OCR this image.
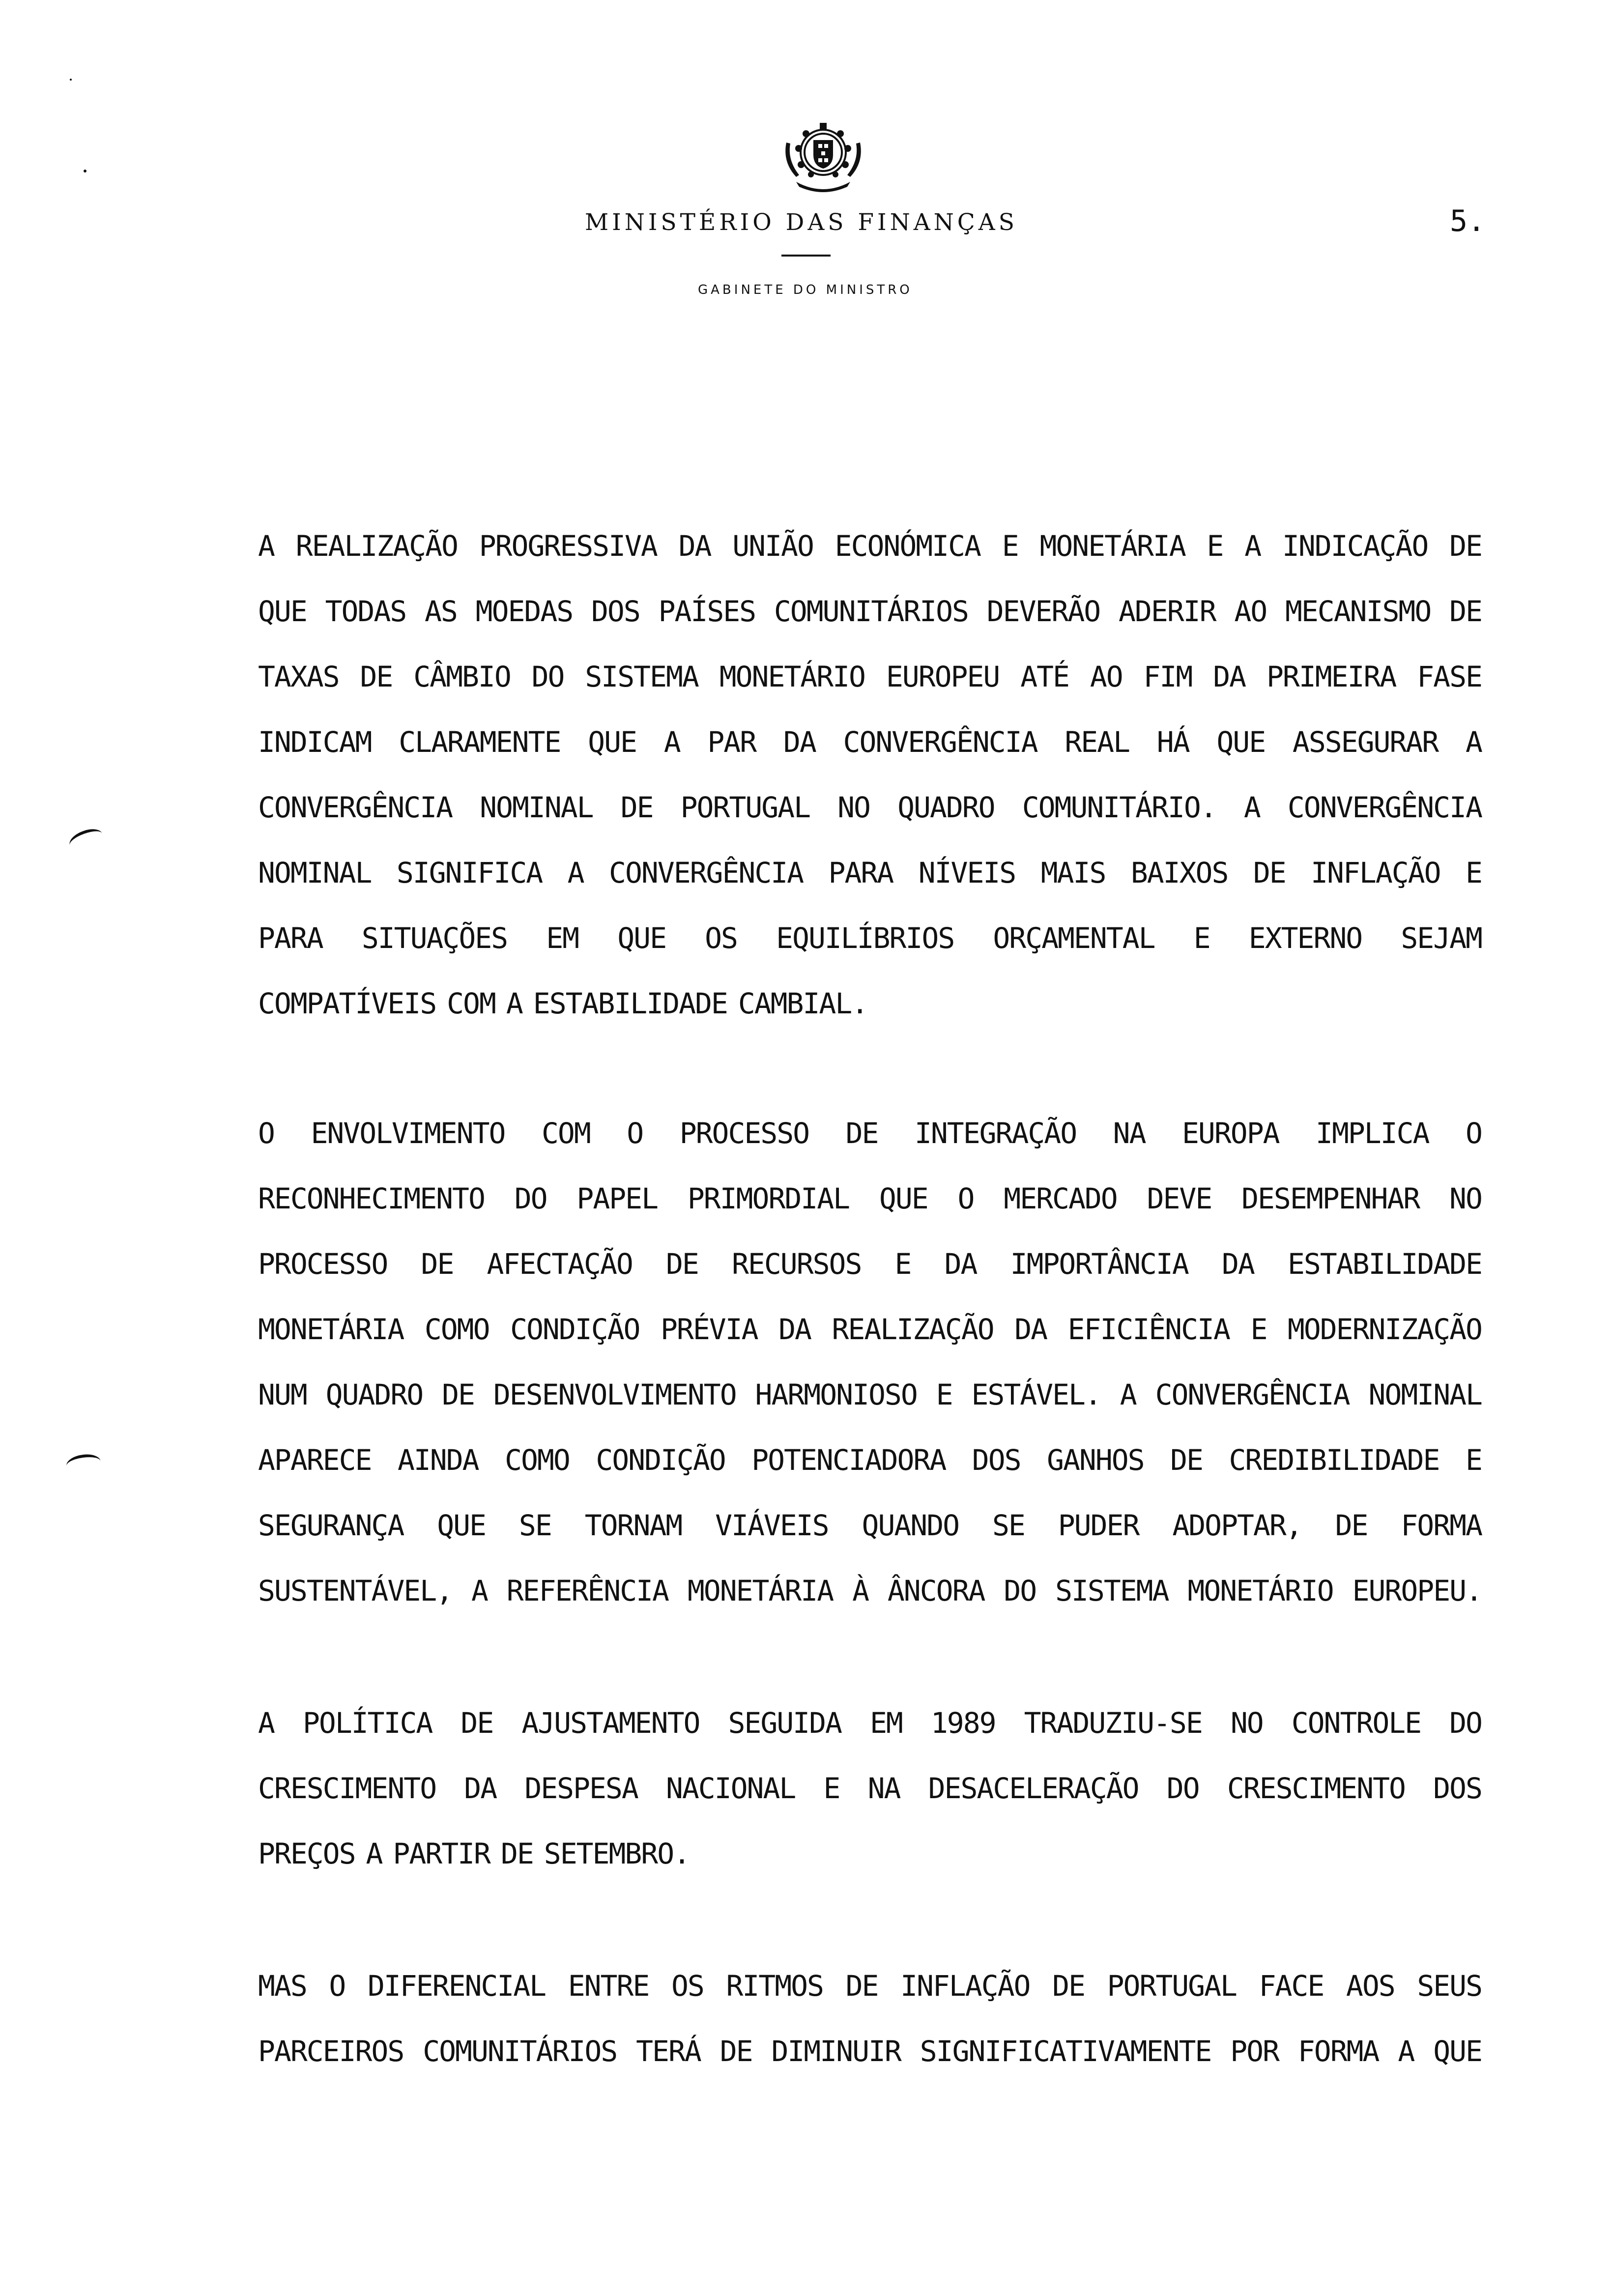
MINISTÉRIO DAS FINANÇAS	5.
GABINETE DO MINISTRO
A REALIZAÇÃO PROGRESSIVA DA UNIÃO ECONÓMICA E MONETÁRIA E A INDICAÇÃO DE
QUE TODAS AS MOEDAS DOS PAÍSES COMUNITÁRIOS DEVERÃO ADERIR AO MECANISMO DE
TAXAS DE CÂMBIO DO SISTEMA MONETÁRIO EUROPEU ATÉ AO FIM DA PRIMEIRA FASE
INDICAM CLARAMENTE QUE A PAR DA CONVERGÊNCIA REAL HÁ QUE ASSEGURAR A
CONVERGÊNCIA NOMINAL DE PORTUGAL NO QUADRO COMUNITÁRIO. A CONVERGÊNCIA
NOMINAL SIGNIFICA A CONVERGÊNCIA PARA NÍVEIS MAIS BAIXOS DE INFLAÇÃO E
PARA SITUAÇÕES EM QUE OS EQUILÍBRIOS ORÇAMENTAL E EXTERNO SEJAM
COMPATÍVEIS COM A ESTABILIDADE CAMBIAL.
O ENVOLVIMENTO COM O PROCESSO DE INTEGRAÇÃO NA EUROPA IMPLICA O
RECONHECIMENTO DO PAPEL PRIMORDIAL QUE O MERCADO DEVE DESEMPENHAR NO
PROCESSO DE AFECTAÇÃO DE RECURSOS E DA IMPORTÂNCIA DA ESTABILIDADE
MONETÁRIA COMO CONDIÇÃO PRÉVIA DA REALIZAÇÃO DA EFICIÊNCIA E MODERNIZAÇÃO
NUM QUADRO DE DESENVOLVIMENTO HARMONIOSO E ESTÁVEL. A CONVERGÊNCIA NOMINAL
APARECE AINDA COMO CONDIÇÃO POTENCIADORA DOS GANHOS DE CREDIBILIDADE E
SEGURANÇA QUE SE TORNAM VIÁVEIS QUANDO SE PUDER ADOPTAR, DE FORMA
SUSTENTÁVEL, A REFERÊNCIA MONETÁRIA À ÂNCORA DO SISTEMA MONETÁRIO EUROPEU.
A POLÍTICA DE AJUSTAMENTO SEGUIDA EM 1989 TRADUZIU-SE NO CONTROLE DO
CRESCIMENTO DA DESPESA NACIONAL E NA DESACELERAÇÃO DO CRESCIMENTO DOS
PREÇOS A PARTIR DE SETEMBRO.
MAS O DIFERENCIAL ENTRE OS RITMOS DE INFLAÇÃO DE PORTUGAL FACE AOS SEUS
PARCEIROS COMUNITÁRIOS TERÁ DE DIMINUIR SIGNIFICATIVAMENTE POR FORMA A QUE
